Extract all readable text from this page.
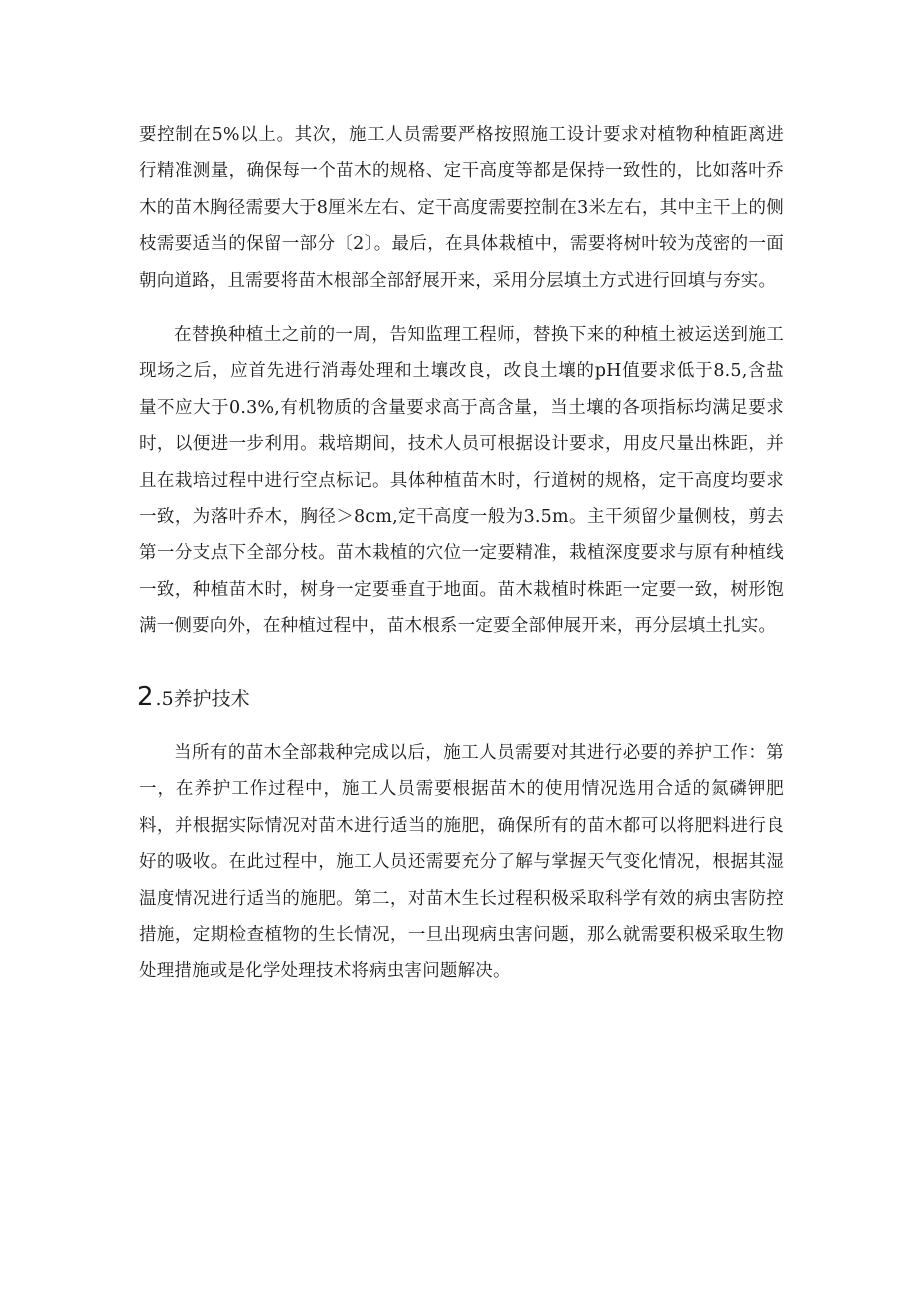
要控制在5%以上。其次，施工人员需要严格按照施工设计要求对植物种植距离进行精准测量，确保每一个苗木的规格、定干高度等都是保持一致性的，比如落叶乔木的苗木胸径需要大于8厘米左右、定干高度需要控制在3米左右，其中主干上的侧枝需要适当的保留一部分〔2〕。最后，在具体栽植中，需要将树叶较为茂密的一面朝向道路，且需要将苗木根部全部舒展开来，采用分层填土方式进行回填与夯实。

在替换种植土之前的一周，告知监理工程师，替换下来的种植土被运送到施工现场之后，应首先进行消毒处理和土壤改良，改良土壤的pH值要求低于8.5,含盐量不应大于0.3%,有机物质的含量要求高于高含量，当土壤的各项指标均满足要求时，以便进一步利用。栽培期间，技术人员可根据设计要求，用皮尺量出株距，并且在栽培过程中进行空点标记。具体种植苗木时，行道树的规格，定干高度均要求一致，为落叶乔木，胸径＞8cm,定干高度一般为3.5m。主干须留少量侧枝，剪去第一分支点下全部分枝。苗木栽植的穴位一定要精准，栽植深度要求与原有种植线一致，种植苗木时，树身一定要垂直于地面。苗木栽植时株距一定要一致，树形饱满一侧要向外，在种植过程中，苗木根系一定要全部伸展开来，再分层填土扎实。

2 .5养护技术

当所有的苗木全部栽种完成以后，施工人员需要对其进行必要的养护工作：第一，在养护工作过程中，施工人员需要根据苗木的使用情况选用合适的氮磷钾肥料，并根据实际情况对苗木进行适当的施肥，确保所有的苗木都可以将肥料进行良好的吸收。在此过程中，施工人员还需要充分了解与掌握天气变化情况，根据其湿温度情况进行适当的施肥。第二，对苗木生长过程积极采取科学有效的病虫害防控措施，定期检查植物的生长情况，一旦出现病虫害问题，那么就需要积极采取生物处理措施或是化学处理技术将病虫害问题解决。
